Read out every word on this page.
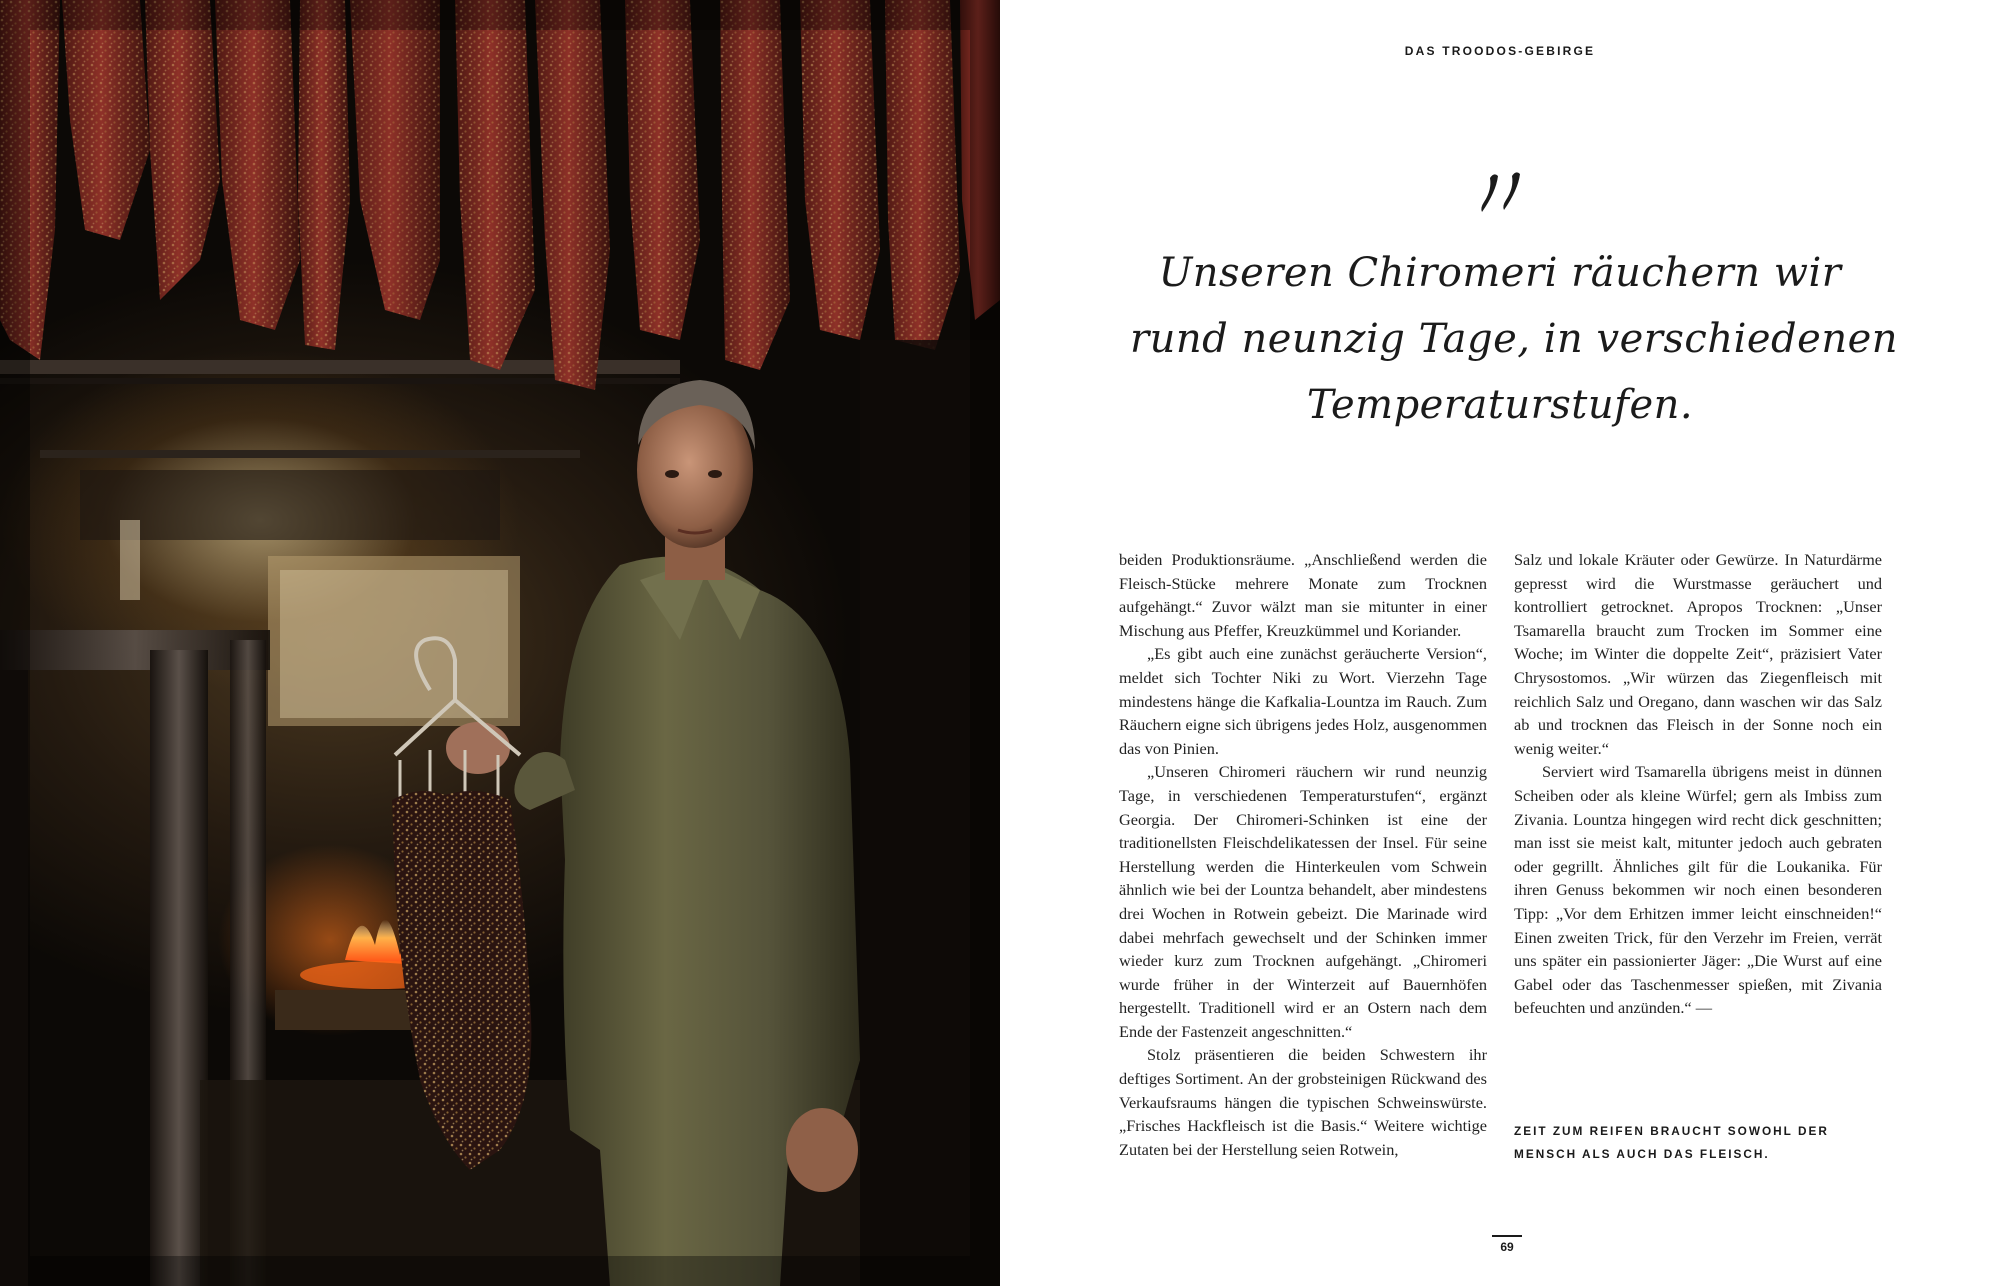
DAS TROODOS-GEBIRGE
Unseren Chiromeri räuchern wir
rund neunzig Tage, in verschiedenen
Temperaturstufen.

beiden Produktionsräume. „Anschließend werden die Fleisch-Stücke mehrere Monate zum Trocknen aufgehängt.“ Zuvor wälzt man sie mitunter in einer Mischung aus Pfeffer, Kreuzkümmel und Koriander.

„Es gibt auch eine zunächst geräucherte Version“, meldet sich Tochter Niki zu Wort. Vierzehn Tage mindestens hänge die Kafkalia-Lountza im Rauch. Zum Räuchern eigne sich übrigens jedes Holz, ausgenommen das von Pinien.

„Unseren Chiromeri räuchern wir rund neunzig Tage, in verschiedenen Temperaturstufen“, ergänzt Georgia. Der Chiromeri-Schinken ist eine der traditionellsten Fleischdelikatessen der Insel. Für seine Herstellung werden die Hinterkeulen vom Schwein ähnlich wie bei der Lountza behandelt, aber mindestens drei Wochen in Rotwein gebeizt. Die Marinade wird dabei mehrfach gewechselt und der Schinken immer wieder kurz zum Trocknen aufgehängt. „Chiromeri wurde früher in der Winterzeit auf Bauernhöfen hergestellt. Traditionell wird er an Ostern nach dem Ende der Fastenzeit angeschnitten.“

Stolz präsentieren die beiden Schwestern ihr deftiges Sortiment. An der grobsteinigen Rückwand des Verkaufsraums hängen die typischen Schweinswürste. „Frisches Hackfleisch ist die Basis.“ Weitere wichtige Zutaten bei der Herstellung seien Rotwein,

Salz und lokale Kräuter oder Gewürze. In Naturdärme gepresst wird die Wurstmasse geräuchert und kontrolliert getrocknet. Apropos Trocknen: „Unser Tsamarella braucht zum Trocken im Sommer eine Woche; im Winter die doppelte Zeit“, präzisiert Vater Chrysostomos. „Wir würzen das Ziegenfleisch mit reichlich Salz und Oregano, dann waschen wir das Salz ab und trocknen das Fleisch in der Sonne noch ein wenig weiter.“

Serviert wird Tsamarella übrigens meist in dünnen Scheiben oder als kleine Würfel; gern als Imbiss zum Zivania. Lountza hingegen wird recht dick geschnitten; man isst sie meist kalt, mitunter jedoch auch gebraten oder gegrillt. Ähnliches gilt für die Loukanika. Für ihren Genuss bekommen wir noch einen besonderen Tipp: „Vor dem Erhitzen immer leicht einschneiden!“ Einen zweiten Trick, für den Verzehr im Freien, verrät uns später ein passionierter Jäger: „Die Wurst auf eine Gabel oder das Taschenmesser spießen, mit Zivania befeuchten und anzünden.“ —

ZEIT ZUM REIFEN BRAUCHT SOWOHL DER MENSCH ALS AUCH DAS FLEISCH.
69
